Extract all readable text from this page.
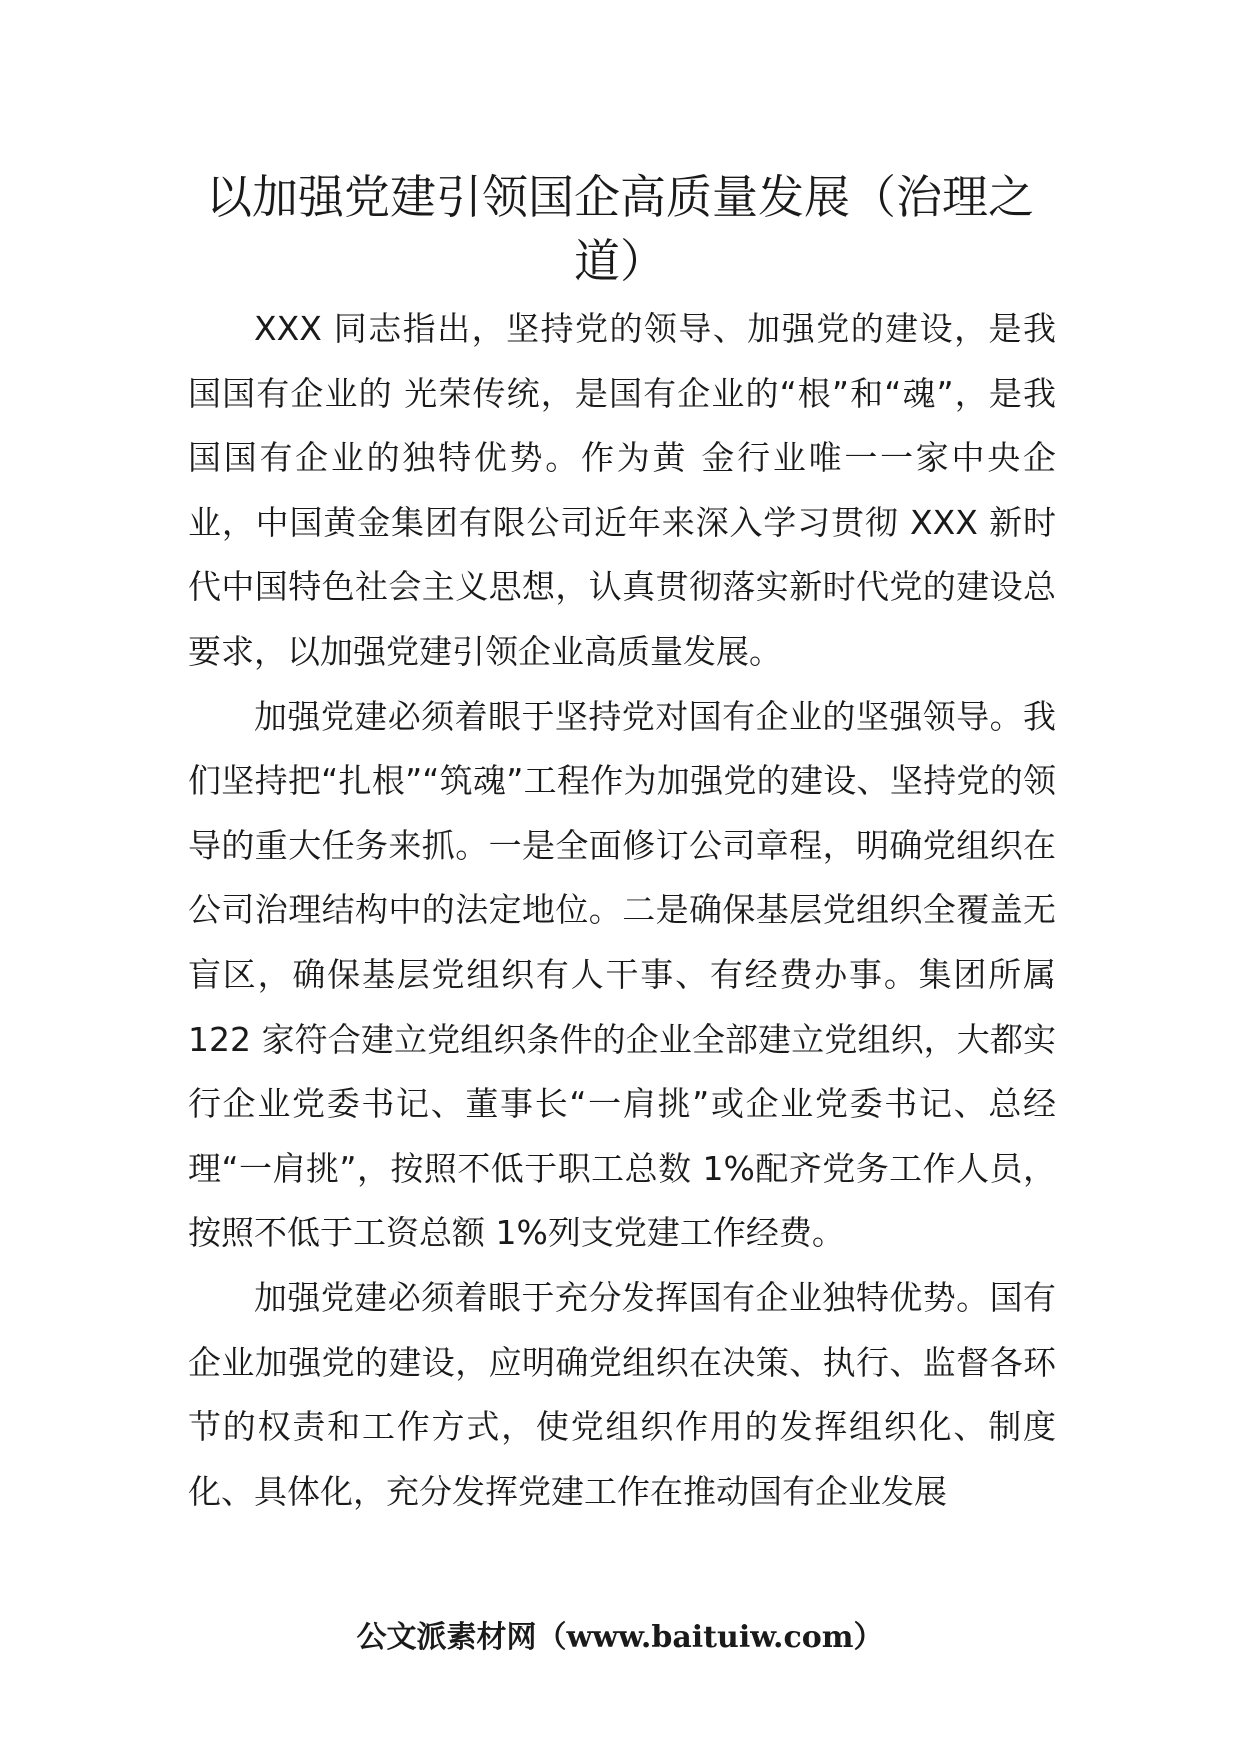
以加强党建引领国企高质量发展（治理之道）

XXX 同志指出，坚持党的领导、加强党的建设，是我国国有企业的 光荣传统，是国有企业的“根”和“魂”，是我国国有企业的独特优势。作为黄 金行业唯一一家中央企业，中国黄金集团有限公司近年来深入学习贯彻 XXX 新时代中国特色社会主义思想，认真贯彻落实新时代党的建设总要求，以加强党建引领企业高质量发展。

加强党建必须着眼于坚持党对国有企业的坚强领导。我们坚持把“扎根”“筑魂”工程作为加强党的建设、坚持党的领导的重大任务来抓。一是全面修订公司章程，明确党组织在公司治理结构中的法定地位。二是确保基层党组织全覆盖无盲区，确保基层党组织有人干事、有经费办事。集团所属 122 家符合建立党组织条件的企业全部建立党组织，大都实行企业党委书记、董事长“一肩挑”或企业党委书记、总经理“一肩挑”，按照不低于职工总数 1%配齐党务工作人员，按照不低于工资总额 1%列支党建工作经费。

加强党建必须着眼于充分发挥国有企业独特优势。国有企业加强党的建设，应明确党组织在决策、执行、监督各环节的权责和工作方式，使党组织作用的发挥组织化、制度化、具体化，充分发挥党建工作在推动国有企业发展

公文派素材网（www.baituiw.com）
